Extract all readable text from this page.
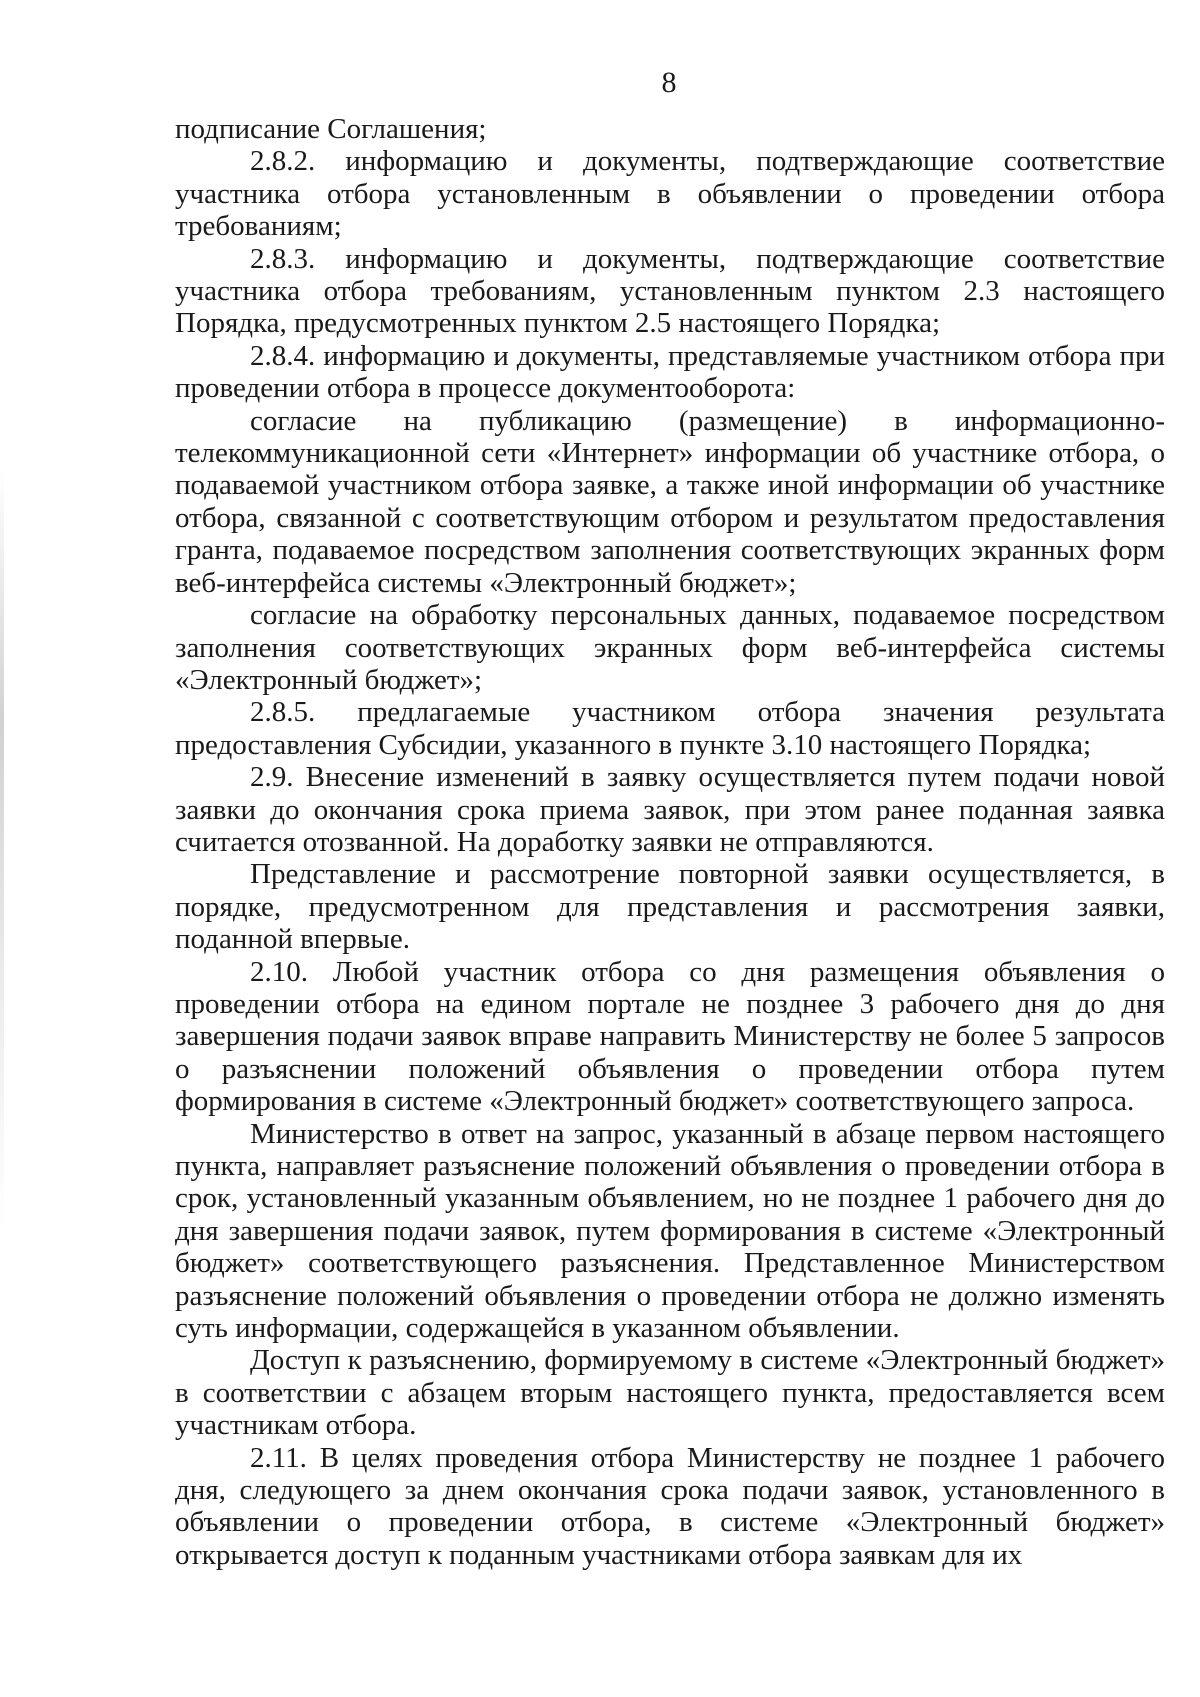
8

подписание Соглашения;

2.8.2. информацию и документы, подтверждающие соответствие участника отбора установленным в объявлении о проведении отбора требованиям;

2.8.3. информацию и документы, подтверждающие соответствие участника отбора требованиям, установленным пунктом 2.3 настоящего Порядка, предусмотренных пунктом 2.5 настоящего Порядка;

2.8.4. информацию и документы, представляемые участником отбора при проведении отбора в процессе документооборота:

согласие на публикацию (размещение) в информационно-телекоммуникационной сети «Интернет» информации об участнике отбора, о подаваемой участником отбора заявке, а также иной информации об участнике отбора, связанной с соответствующим отбором и результатом предоставления гранта, подаваемое посредством заполнения соответствующих экранных форм веб-интерфейса системы «Электронный бюджет»;

согласие на обработку персональных данных, подаваемое посредством заполнения соответствующих экранных форм веб-интерфейса системы «Электронный бюджет»;

2.8.5. предлагаемые участником отбора значения результата предоставления Субсидии, указанного в пункте 3.10 настоящего Порядка;

2.9. Внесение изменений в заявку осуществляется путем подачи новой заявки до окончания срока приема заявок, при этом ранее поданная заявка считается отозванной. На доработку заявки не отправляются.

Представление и рассмотрение повторной заявки осуществляется, в порядке, предусмотренном для представления и рассмотрения заявки, поданной впервые.

2.10. Любой участник отбора со дня размещения объявления о проведении отбора на едином портале не позднее 3 рабочего дня до дня завершения подачи заявок вправе направить Министерству не более 5 запросов о разъяснении положений объявления о проведении отбора путем формирования в системе «Электронный бюджет» соответствующего запроса.

Министерство в ответ на запрос, указанный в абзаце первом настоящего пункта, направляет разъяснение положений объявления о проведении отбора в срок, установленный указанным объявлением, но не позднее 1 рабочего дня до дня завершения подачи заявок, путем формирования в системе «Электронный бюджет» соответствующего разъяснения. Представленное Министерством разъяснение положений объявления о проведении отбора не должно изменять суть информации, содержащейся в указанном объявлении.

Доступ к разъяснению, формируемому в системе «Электронный бюджет» в соответствии с абзацем вторым настоящего пункта, предоставляется всем участникам отбора.

2.11. В целях проведения отбора Министерству не позднее 1 рабочего дня, следующего за днем окончания срока подачи заявок, установленного в объявлении о проведении отбора, в системе «Электронный бюджет» открывается доступ к поданным участниками отбора заявкам для их
